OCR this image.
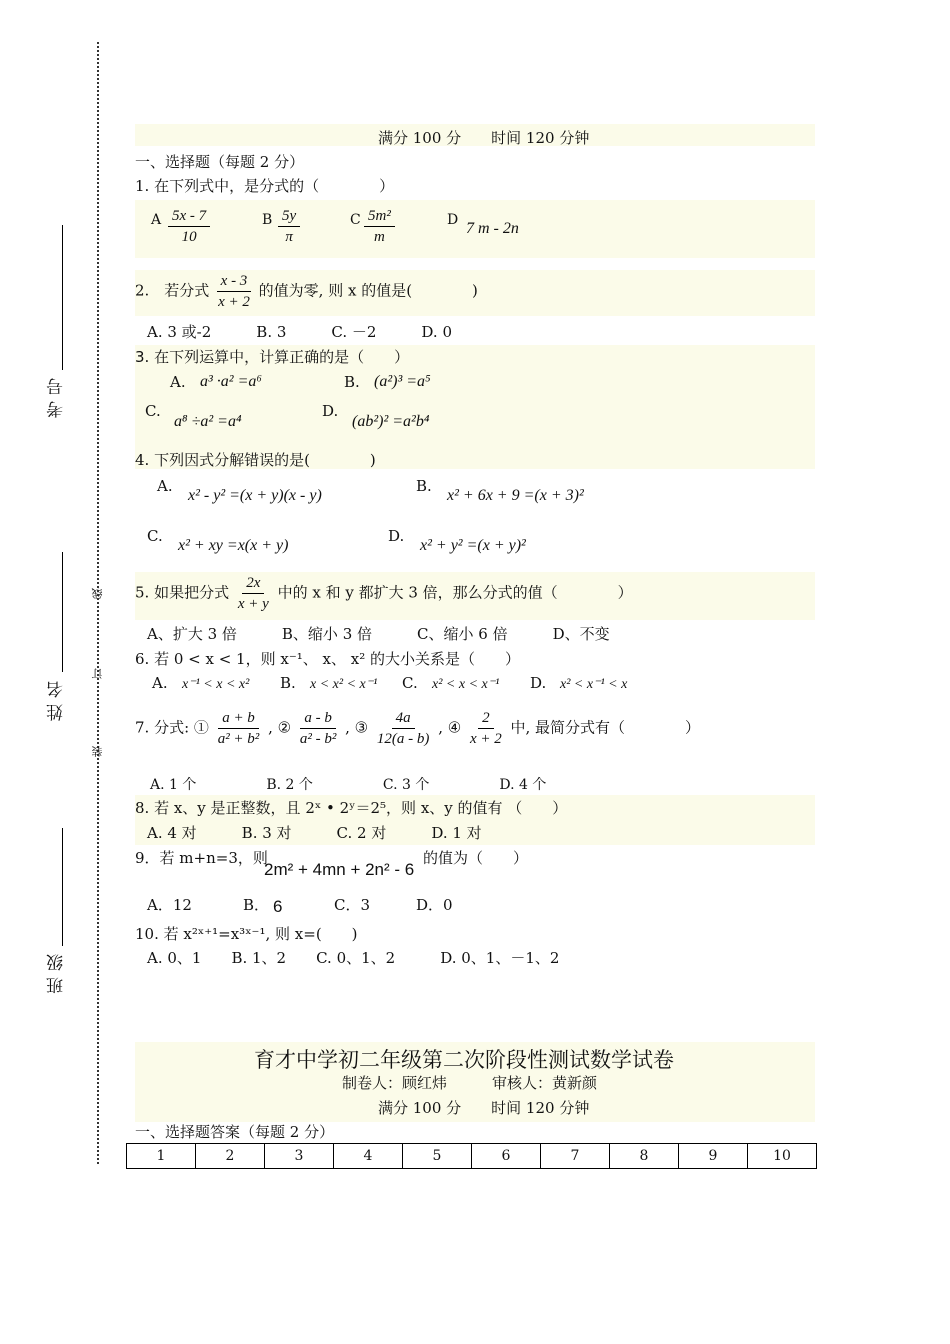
考号
姓名
班级
线
订
装
满分 100 分　　时间 120 分钟
一、选择题（每题 2 分）
1. 在下列式中，是分式的（　　　　）
A $\frac{5x - 7}{10}$	B $\frac{5y}{\pi}$	C $\frac{\text{5m²}}{m}$	D 7 m - 2n
2.　若分式 $\frac{x - 3}{x + 2}$ 的值为零, 则 x 的值是(　　　　)
A. 3 或-2　　　B. 3　　　C. －2　　　D. 0
3. 在下列运算中，计算正确的是（　　）
A. a³ ·a² =a⁶	B. (a²)³ =a⁵
C.
a⁸ ÷a² =a⁴
D.
(ab²)² =a²b⁴
4. 下列因式分解错误的是(　　　　)
A.
x² - y² =(x + y)(x - y)
B.
x² + 6x + 9 =(x + 3)²
C.
x² + xy =x(x + y)
D.
x² + y² =(x + y)²
5. 如果把分式 $\frac{2x}{x + y}$ 中的 x 和 y 都扩大 3 倍，那么分式的值（　　　　）
A、扩大 3 倍　　　B、缩小 3 倍　　　C、缩小 6 倍　　　D、不变
6. 若 0 < x < 1，则 x⁻¹、 x、 x² 的大小关系是（　　）
A. x⁻¹ < x < x² B. x < x² < x⁻¹ C. x² < x < x⁻¹ D. x² < x⁻¹ < x
7. 分式: ① $\frac{a + b}{\text{a² + b²}}$ , ② $\frac{a - b}{\text{a² - b²}}$ , ③ $\frac{4a}{12(a - b)}$ , ④ $\frac{2}{x + 2}$ 中, 最简分式有（　　　　）
A. 1 个　　　　　B. 2 个　　　　　C. 3 个　　　　　D. 4 个
8. 若 x、y 是正整数，且 2ˣ • 2ʸ＝2⁵，则 x、y 的值有 （　　）
A. 4 对　　　B. 3 对　　　C. 2 对　　　D. 1 对
9．若 m+n=3，则
2m² + 4mn + 2n² - 6
的值为（　　）
A．12	B． 6	C．3	D．0
10. 若 x²ˣ⁺¹=x³ˣ⁻¹, 则 x=(　　)
A. 0、1　　B. 1、2　　C. 0、1、2　　　D. 0、1、－1、2
育才中学初二年级第二次阶段性测试数学试卷
制卷人：顾红炜　　　审核人：黄新颜
满分 100 分　　时间 120 分钟
一、选择题答案（每题 2 分）
1	2	3	4	5	6	7	8	9	10
